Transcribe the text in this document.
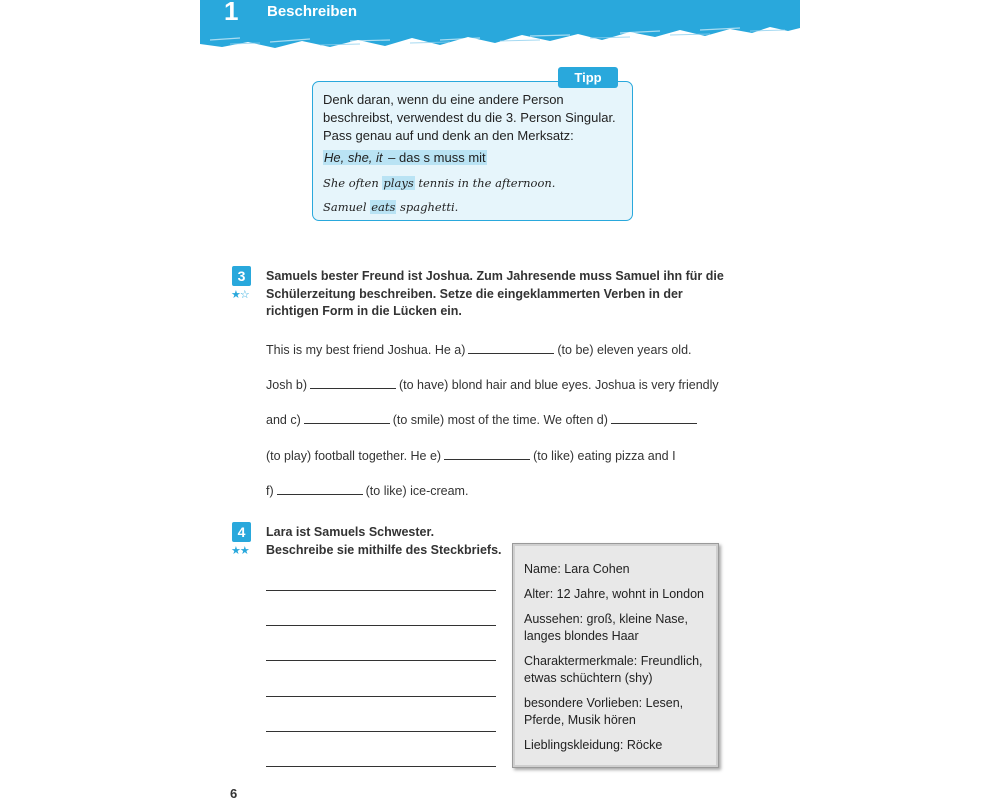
1 Beschreiben
Tipp
Denk daran, wenn du eine andere Person beschreibst, verwendest du die 3. Person Singular. Pass genau auf und denk an den Merksatz:
He, she, it – das s muss mit
She often plays tennis in the afternoon.
Samuel eats spaghetti.
3
★☆
Samuels bester Freund ist Joshua. Zum Jahresende muss Samuel ihn für die Schülerzeitung beschreiben. Setze die eingeklammerten Verben in der richtigen Form in die Lücken ein.
This is my best friend Joshua. He a)	(to be) eleven years old.
Josh b)	(to have) blond hair and blue eyes. Joshua is very friendly
and c)	(to smile) most of the time. We often d)
(to play) football together. He e)	(to like) eating pizza and I
f)	(to like) ice-cream.
4
★★
Lara ist Samuels Schwester.
Beschreibe sie mithilfe des Steckbriefs.
Name: Lara Cohen
Alter: 12 Jahre, wohnt in London
Aussehen: groß, kleine Nase, langes blondes Haar
Charaktermerkmale: Freundlich, etwas schüchtern (shy)
besondere Vorlieben: Lesen, Pferde, Musik hören
Lieblingskleidung: Röcke
6
